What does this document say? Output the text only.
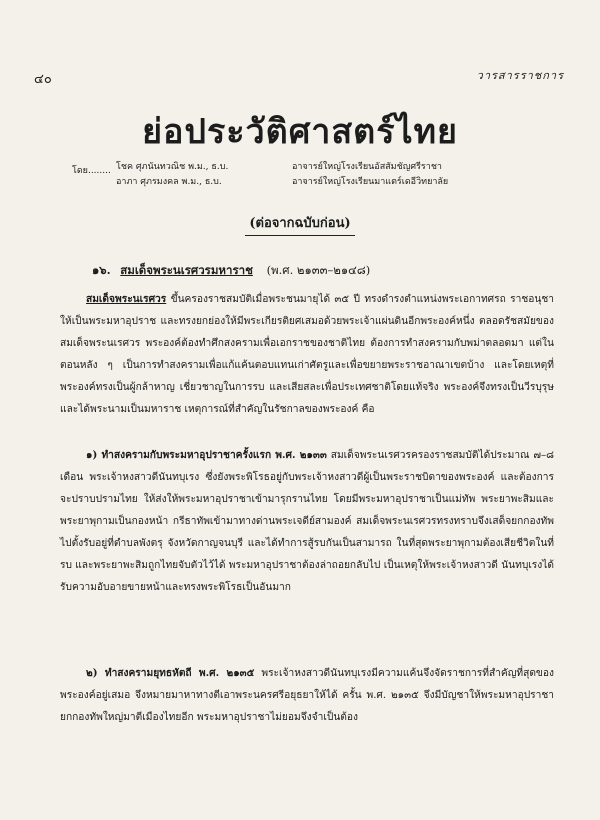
๔๐	วารสารราชการ
ย่อประวัติศาสตร์ไทย
โดย........ โชค ศุภนันทวณิช พ.ม., ธ.บ.	อาจารย์ใหญ่โรงเรียนอัสสัมชัญศรีราชา
อาภา ศุภรมงคล พ.ม., ธ.บ.	อาจารย์ใหญ่โรงเรียนมาแตร์เดอีวิทยาลัย
(ต่อจากฉบับก่อน)
๑๖. สมเด็จพระนเรศวรมหาราช (พ.ศ. ๒๑๓๓–๒๑๔๘)

สมเด็จพระนเรศวร ขึ้นครองราชสมบัติเมื่อพระชนมายุได้ ๓๕ ปี ทรงดำรงตำแหน่งพระเอกาทศรถ ราชอนุชาให้เป็นพระมหาอุปราช และทรงยกย่องให้มีพระเกียรติยศเสมอด้วยพระเจ้าแผ่นดินอีกพระองค์หนึ่ง ตลอดรัชสมัยของสมเด็จพระนเรศวร พระองค์ต้องทำศึกสงครามเพื่อเอกราชของชาติไทย ต้องการทำสงครามกับพม่าตลอดมา แต่ในตอนหลัง ๆ เป็นการทำสงครามเพื่อแก้แค้นตอบแทนเก่าศัตรูและเพื่อขยายพระราชอาณาเขตบ้าง และโดยเหตุที่พระองค์ทรงเป็นผู้กล้าหาญ เชี่ยวชาญในการรบ และเสียสละเพื่อประเทศชาติโดยแท้จริง พระองค์จึงทรงเป็นวีรบุรุษ และได้พระนามเป็นมหาราช เหตุการณ์ที่สำคัญในรัชกาลของพระองค์ คือ

๑) ทำสงครามกับพระมหาอุปราชาครั้งแรก พ.ศ. ๒๑๓๓ สมเด็จพระนเรศวรครองราชสมบัติได้ประมาณ ๗–๘ เดือน พระเจ้าหงสาวดีนันทบุเรง ซึ่งยังพระพิโรธอยู่กับพระเจ้าหงสาวดีผู้เป็นพระราชบิดาของพระองค์ และต้องการจะปราบปรามไทย ให้ส่งให้พระมหาอุปราชาเข้ามารุกรานไทย โดยมีพระมหาอุปราชาเป็นแม่ทัพ พระยาพะสิมและพระยาพุกามเป็นกองหน้า กรีธาทัพเข้ามาทางด่านพระเจดีย์สามองค์ สมเด็จพระนเรศวรทรงทราบจึงเสด็จยกกองทัพไปตั้งรับอยู่ที่ตำบลพังตรุ จังหวัดกาญจนบุรี และได้ทำการสู้รบกันเป็นสามารถ ในที่สุดพระยาพุกามต้องเสียชีวิตในที่รบ และพระยาพะสิมถูกไทยจับตัวไว้ได้ พระมหาอุปราชาต้องล่าถอยกลับไป เป็นเหตุให้พระเจ้าหงสาวดี นันทบุเรงได้รับความอับอายขายหน้าและทรงพระพิโรธเป็นอันมาก

๒) ทำสงครามยุทธหัตถี พ.ศ. ๒๑๓๕ พระเจ้าหงสาวดีนันทบุเรงมีความแค้นจึงจัดราชการที่สำคัญที่สุดของพระองค์อยู่เสมอ จึงหมายมาหาทางตีเอาพระนครศรีอยุธยาให้ได้ ครั้น พ.ศ. ๒๑๓๕ จึงมีบัญชาให้พระมหาอุปราชายกกองทัพใหญ่มาตีเมืองไทยอีก พระมหาอุปราชาไม่ยอมจึงจำเป็นต้อง
